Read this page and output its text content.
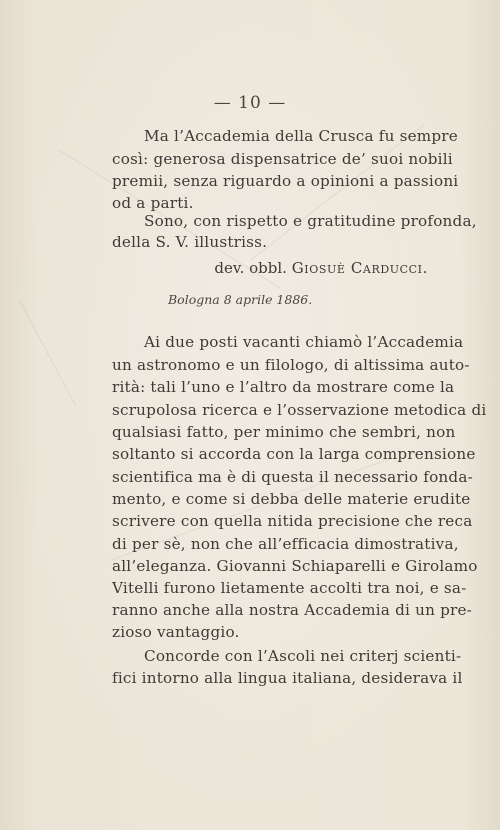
— 10 —
Ma l’Accademia della Crusca fu sempre
così: generosa dispensatrice de’ suoi nobili
premii, senza riguardo a opinioni a passioni
od a parti.
Sono, con rispetto e gratitudine profonda,
della S. V. illustriss.
dev. obbl. Giosuè Carducci.
Bologna 8 aprile 1886.
Ai due posti vacanti chiamò l’Accademia
un astronomo e un filologo, di altissima auto-
rità: tali l’uno e l’altro da mostrare come la
scrupolosa ricerca e l’osservazione metodica di
qualsiasi fatto, per minimo che sembri, non
soltanto si accorda con la larga comprensione
scientifica ma è di questa il necessario fonda-
mento, e come si debba delle materie erudite
scrivere con quella nitida precisione che reca
di per sè, non che all’efficacia dimostrativa,
all’eleganza. Giovanni Schiaparelli e Girolamo
Vitelli furono lietamente accolti tra noi, e sa-
ranno anche alla nostra Accademia di un pre-
zioso vantaggio.
Concorde con l’Ascoli nei criterj scienti-
fici intorno alla lingua italiana, desiderava il
